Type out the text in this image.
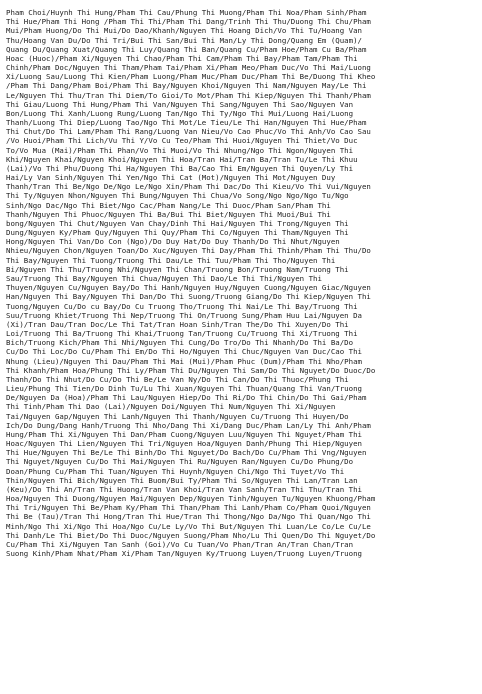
Pham Choi/Huynh Thi Hung/Pham Thi Cau/Phung Thi Muong/Pham Thi Noa/Pham Sinh/Pham
Thi Hue/Pham Thi Hong /Pham Thi Thi/Pham Thi Dang/Trinh Thi Thu/Duong Thi Chu/Pham
Mui/Pham Huong/Do Thi Mui/Do Dao/Khanh/Nguyen Thi Hoang Dich/Vo Thi Tu/Hoang Van
Thu/Hoang Van Du/Do Thi Tri/Bui Thi San/Bui Thi Man/Ly Thi Dong/Quang Em (Quam)/
Quang Du/Quang Xuat/Quang Thi Luy/Quang Thi Ban/Quang Cu/Pham Hoe/Pham Cu Ba/Pham
Hoac (Huoc)/Pham Xi/Nguyen Thi Chao/Pham Thi Cam/Pham Thi Bay/Pham Tam/Pham Thi
Chinh/Pham Doc/Nguyen Thi Tham/Pham Tai/Pham Xi/Pham Meo/Pham Duc/Vo Thi Mai/Luong
Xi/Luong Sau/Luong Thi Kien/Pham Luong/Pham Muc/Pham Duc/Pham Thi Be/Duong Thi Kheo
/Pham Thi Dang/Pham Boi/Pham Thi Bay/Nguyen Khoi/Nguyen Thi Nam/Nguyen May/Le Thi
Le/Nguyen Thi Thu/Tran Thi Diem/To Gioi/To Mot/Pham Thi Kiep/Nguyen Thi Thanh/Pham
Thi Giau/Luong Thi Hung/Pham Thi Van/Nguyen Thi Sang/Nguyen Thi Sao/Nguyen Van
Bon/Luong Thi Xanh/Luong Rung/Luong Tan/Ngo Thi Ty/Ngo Thi Mui/Luong Hai/Luong
Thanh/Luong Thi Diep/Luong Tao/Ngo Thi Mot/Le Tieu/Le Thi Han/Nguyen Thi Hue/Pham
Thi Chut/Do Thi Lam/Pham Thi Rang/Luong Van Nieu/Vo Cao Phuc/Vo Thi Anh/Vo Cao Sau
/Vo Huoi/Pham Thi Lich/Vu Thi Y/Vo Cu Teo/Pham Thi Huoi/Nguyen Thi Thiet/Vo Duc
To/Vo Mua (Mai)/Pham Thi Phan/Vo Thi Muoi/Vo Thi Nhung/Ngo Thi Ngon/Nguyen Thi
Khi/Nguyen Khai/Nguyen Khoi/Nguyen Thi Hoa/Tran Hai/Tran Ba/Tran Tu/Le Thi Khuu
(Lai)/Vo Thi Phu/Duong Thi Ha/Nguyen Thi Ba/Cao Thi Em/Nguyen Thi Quyen/Ly Thi
Hai/Ly Van Sinh/Nguyen Thi Yen/Ngo Thi Cat (Mot)/Nguyen Thi Mot/Nguyen Duy
Thanh/Tran Thi Be/Ngo De/Ngo Le/Ngo Xin/Pham Thi Dac/Do Thi Kieu/Vo Thi Vui/Nguyen
Thi Ty/Nguyen Nhon/Nguyen Thi Bung/Nguyen Thi Chua/Vo Song/Ngo Ngo/Ngo Tu/Ngo
Sinh/Ngo Dac/Ngo Thi Biet/Ngo Cac/Pham Nang/Le Thi Duoc/Pham San/Pham Thi
Thanh/Nguyen Thi Phuoc/Nguyen Thi Ba/Bui Thi Biet/Nguyen Thi Muoi/Bui Thi
bong/Nguyen Thi Chut/Nguyen Van Chay/Dinh Thi Hai/Nguyen Thi Trong/Nguyen Thi
Dung/Nguyen Ky/Pham Quy/Nguyen Thi Quy/Pham Thi Co/Nguyen Thi Tham/Nguyen Thi
Hong/Nguyen Thi Van/Do Con (Ngo)/Do Duy Hat/Do Duy Thanh/Do Thi Nhut/Nguyen
Nhieu/Nguyen Chon/Nguyen Toan/Do Xuc/Nguyen Thi Day/Pham Thi Thinh/Pham Thi Thu/Do
Thi Bay/Nguyen Thi Tuong/Truong Thi Dau/Le Thi Tuu/Pham Thi Tho/Nguyen Thi
Bi/Nguyen Thi Thu/Truong Nhi/Nguyen Thi Chan/Truong Bon/Truong Nam/Truong Thi
Sau/Truong Thi Bay/Nguyen Thi Chua/Nguyen Thi Dao/Le Thi Thi/Nguyen Thi
Thuyen/Nguyen Cu/Nguyen Bay/Do Thi Hanh/Nguyen Huy/Nguyen Cuong/Nguyen Giac/Nguyen
Han/Nguyen Thi Bay/Nguyen Thi Dan/Do Thi Suong/Truong Giang/Do Thi Kiep/Nguyen Thi
Tuong/Nguyen Cu/Do cu Bay/Do Cu Truong Tho/Truong Thi Nai/Le Thi Bay/Truong Thi
Suu/Truong Khiet/Truong Thi Nep/Truong Thi On/Truong Sung/Pham Huu Lai/Nguyen Da
(Xi)/Tran Dau/Tran Doc/Le Thi Tat/Tran Hoan Sinh/Tran The/Do Thi Xuyen/Do Thi
Loi/Truong Thi Ba/Truong Thi Khai/Truong Tan/Truong Cu/Truong Thi Xi/Truong Thi
Bich/Truong Kich/Pham Thi Nhi/Nguyen Thi Cung/Do Tro/Do Thi Nhanh/Do Thi Ba/Do
Cu/Do Thi Loc/Do Cu/Pham Thi Em/Do Thi Ho/Nguyen Thi Chuc/Nguyen Van Duc/Cao Thi
Nhung (Lieu)/Nguyen Thi Dau/Pham Thi Mai (Mui)/Pham Phuc (Dum)/Pham Thi Nho/Pham
Thi Khanh/Pham Hoa/Phung Thi Ly/Pham Thi Du/Nguyen Thi Sam/Do Thi Nguyet/Do Duoc/Do
Thanh/Do Thi Nhut/Do Cu/Do Thi Be/Le Van Ny/Do Thi Can/Do Thi Thuoc/Phung Thi
Lieu/Phung Thi Tien/Do Dinh Tu/Lu Thi Xuan/Nguyen Thi Thuan/Quang Thi Van/Truong
De/Nguyen Da (Hoa)/Pham Thi Lau/Nguyen Hiep/Do Thi Ri/Do Thi Chin/Do Thi Gai/Pham
Thi Tinh/Pham Thi Dao (Lai)/Nguyen Doi/Nguyen Thi Num/Nguyen Thi Xi/Nguyen
Tai/Nguyen Gap/Nguyen Thi Lanh/Nguyen Thi Thanh/Nguyen Cu/Truong Thi Huyen/Do
Ich/Do Dung/Dang Hanh/Truong Thi Nho/Dang Thi Xi/Dang Duc/Pham Lan/Ly Thi Anh/Pham
Hung/Pham Thi Xi/Nguyen Thi Dan/Pham Cuong/Nguyen Luu/Nguyen Thi Nguyet/Pham Thi
Hoac/Nguyen Thi Lien/Nguyen Thi Tri/Nguyen Hoa/Nguyen Danh/Phung Thi Hiep/Nguyen
Thi Hue/Nguyen Thi Be/Le Thi Binh/Do Thi Nguyet/Do Bach/Do Cu/Pham Thi Vng/Nguyen
Thi Nguyet/Nguyen Cu/Do Thi Mai/Nguyen Thi Ru/Nguyen Ran/Nguyen Cu/Do Phung/Do
Doan/Phung Cu/Pham Thi Tuan/Nguyen Thi Huynh/Nguyen Chi/Ngo Thi Tuyet/Vo Thi
Thin/Nguyen Thi Bich/Nguyen Thi Buom/Bui Ty/Pham Thi So/Nguyen Thi Lan/Tran Lan
(Keu)/Do Thi An/Tran Thi Huong/Tran Van Khoi/Tran Van Sanh/Tran Thi Thu/Tran Thi
Hoa/Nguyen Thi Duong/Nguyen Mai/Nguyen Dep/Nguyen Tinh/Nguyen Tu/Nguyen Khuong/Pham
Thi Tri/Nguyen Thi Be/Pham Ky/Pham Thi Than/Pham Thi Lanh/Pham Co/Pham Quoi/Nguyen
Thi Be (Tau)/Tran Thi Hong/Tran Thi Hue/Tran Thi Thong/Ngo Da/Ngo Thi Quan/Ngo Thi
Minh/Ngo Thi Xi/Ngo Thi Hoa/Ngo Cu/Le Ly/Vo Thi But/Nguyen Thi Luan/Le Co/Le Cu/Le
Thi Danh/Le Thi Biet/Do Thi Duoc/Nguyen Suong/Pham Nho/Lu Thi Quen/Do Thi Nguyet/Do
Cu/Pham Thi Xi/Nguyen Tan Sanh (Goi)/Vo Cu Tuan/Vo Phan/Tran An/Tran Chan/Tran
Suong Kinh/Pham Nhat/Pham Xi/Pham Tan/Nguyen Ky/Truong Luyen/Truong Luyen/Truong
